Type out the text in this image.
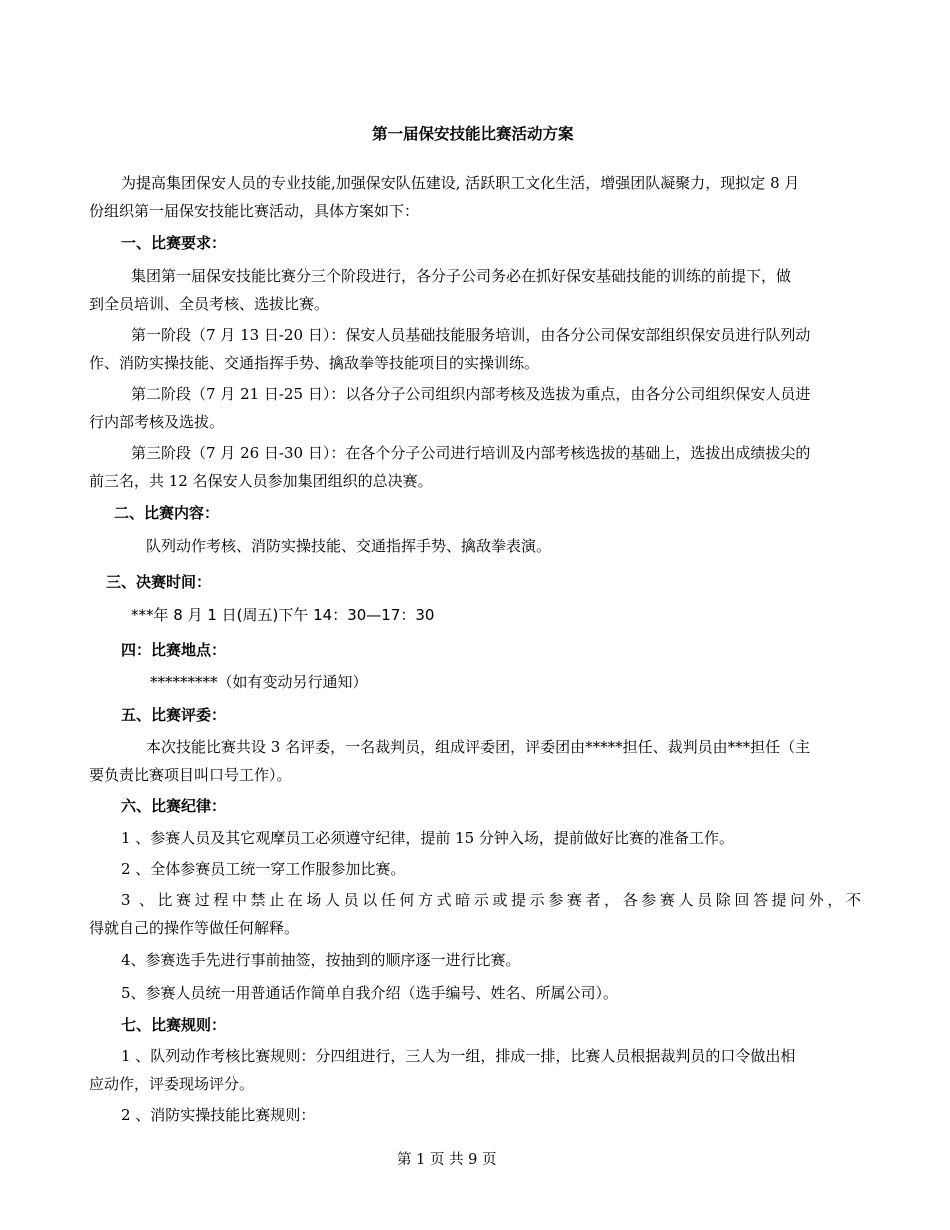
第一届保安技能比赛活动方案

为提高集团保安人员的专业技能,加强保安队伍建设, 活跃职工文化生活，增强团队凝聚力，现拟定 8 月

份组织第一届保安技能比赛活动，具体方案如下：

一、比赛要求：

集团第一届保安技能比赛分三个阶段进行，各分子公司务必在抓好保安基础技能的训练的前提下，做

到全员培训、全员考核、选拔比赛。

第一阶段（7 月 13 日-20 日）：保安人员基础技能服务培训，由各分公司保安部组织保安员进行队列动

作、消防实操技能、交通指挥手势、擒敌拳等技能项目的实操训练。

第二阶段（7 月 21 日-25 日）：以各分子公司组织内部考核及选拔为重点，由各分公司组织保安人员进

行内部考核及选拔。

第三阶段（7 月 26 日-30 日）：在各个分子公司进行培训及内部考核选拔的基础上，选拔出成绩拔尖的

前三名，共 12 名保安人员参加集团组织的总决赛。

二、比赛内容：

队列动作考核、消防实操技能、交通指挥手势、擒敌拳表演。

三、决赛时间：

***年 8 月 1 日(周五)下午 14：30—17：30

四：比赛地点：

*********（如有变动另行通知）

五、比赛评委：

本次技能比赛共设 3 名评委，一名裁判员，组成评委团，评委团由*****担任、裁判员由***担任（主

要负责比赛项目叫口号工作）。

六、比赛纪律：

1 、参赛人员及其它观摩员工必须遵守纪律，提前 15 分钟入场，提前做好比赛的准备工作。

2 、全体参赛员工统一穿工作服参加比赛。

3 、比赛过程中禁止在场人员以任何方式暗示或提示参赛者，各参赛人员除回答提问外，不

得就自己的操作等做任何解释。

4、参赛选手先进行事前抽签，按抽到的顺序逐一进行比赛。

5、参赛人员统一用普通话作简单自我介绍（选手编号、姓名、所属公司）。

七、比赛规则：

1 、队列动作考核比赛规则：分四组进行，三人为一组，排成一排，比赛人员根据裁判员的口令做出相

应动作，评委现场评分。

2 、消防实操技能比赛规则：

第 1 页 共 9 页
